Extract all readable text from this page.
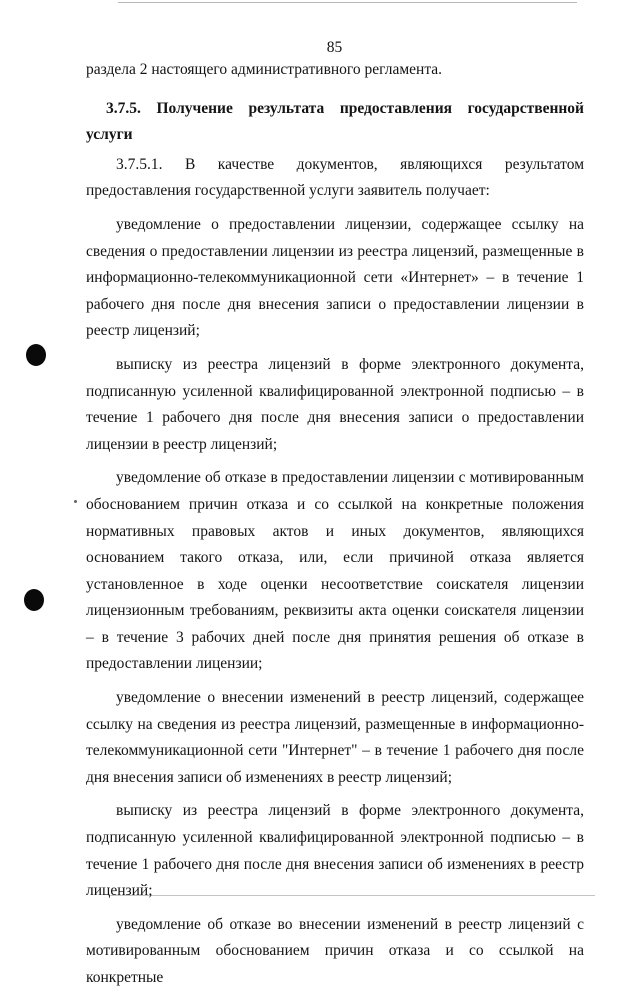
85

раздела 2 настоящего административного регламента.

3.7.5. Получение результата предоставления государственной услуги

3.7.5.1. В качестве документов, являющихся результатом предоставления государственной услуги заявитель получает:

уведомление о предоставлении лицензии, содержащее ссылку на сведения о предоставлении лицензии из реестра лицензий, размещенные в информационно-телекоммуникационной сети «Интернет» – в течение 1 рабочего дня после дня внесения записи о предоставлении лицензии в реестр лицензий;

выписку из реестра лицензий в форме электронного документа, подписанную усиленной квалифицированной электронной подписью – в течение 1 рабочего дня после дня внесения записи о предоставлении лицензии в реестр лицензий;

уведомление об отказе в предоставлении лицензии с мотивированным обоснованием причин отказа и со ссылкой на конкретные положения нормативных правовых актов и иных документов, являющихся основанием такого отказа, или, если причиной отказа является установленное в ходе оценки несоответствие соискателя лицензии лицензионным требованиям, реквизиты акта оценки соискателя лицензии – в течение 3 рабочих дней после дня принятия решения об отказе в предоставлении лицензии;

уведомление о внесении изменений в реестр лицензий, содержащее ссылку на сведения из реестра лицензий, размещенные в информационно-телекоммуникационной сети "Интернет" – в течение 1 рабочего дня после дня внесения записи об изменениях в реестр лицензий;

выписку из реестра лицензий в форме электронного документа, подписанную усиленной квалифицированной электронной подписью – в течение 1 рабочего дня после дня внесения записи об изменениях в реестр лицензий;

уведомление об отказе во внесении изменений в реестр лицензий с мотивированным обоснованием причин отказа и со ссылкой на конкретные
